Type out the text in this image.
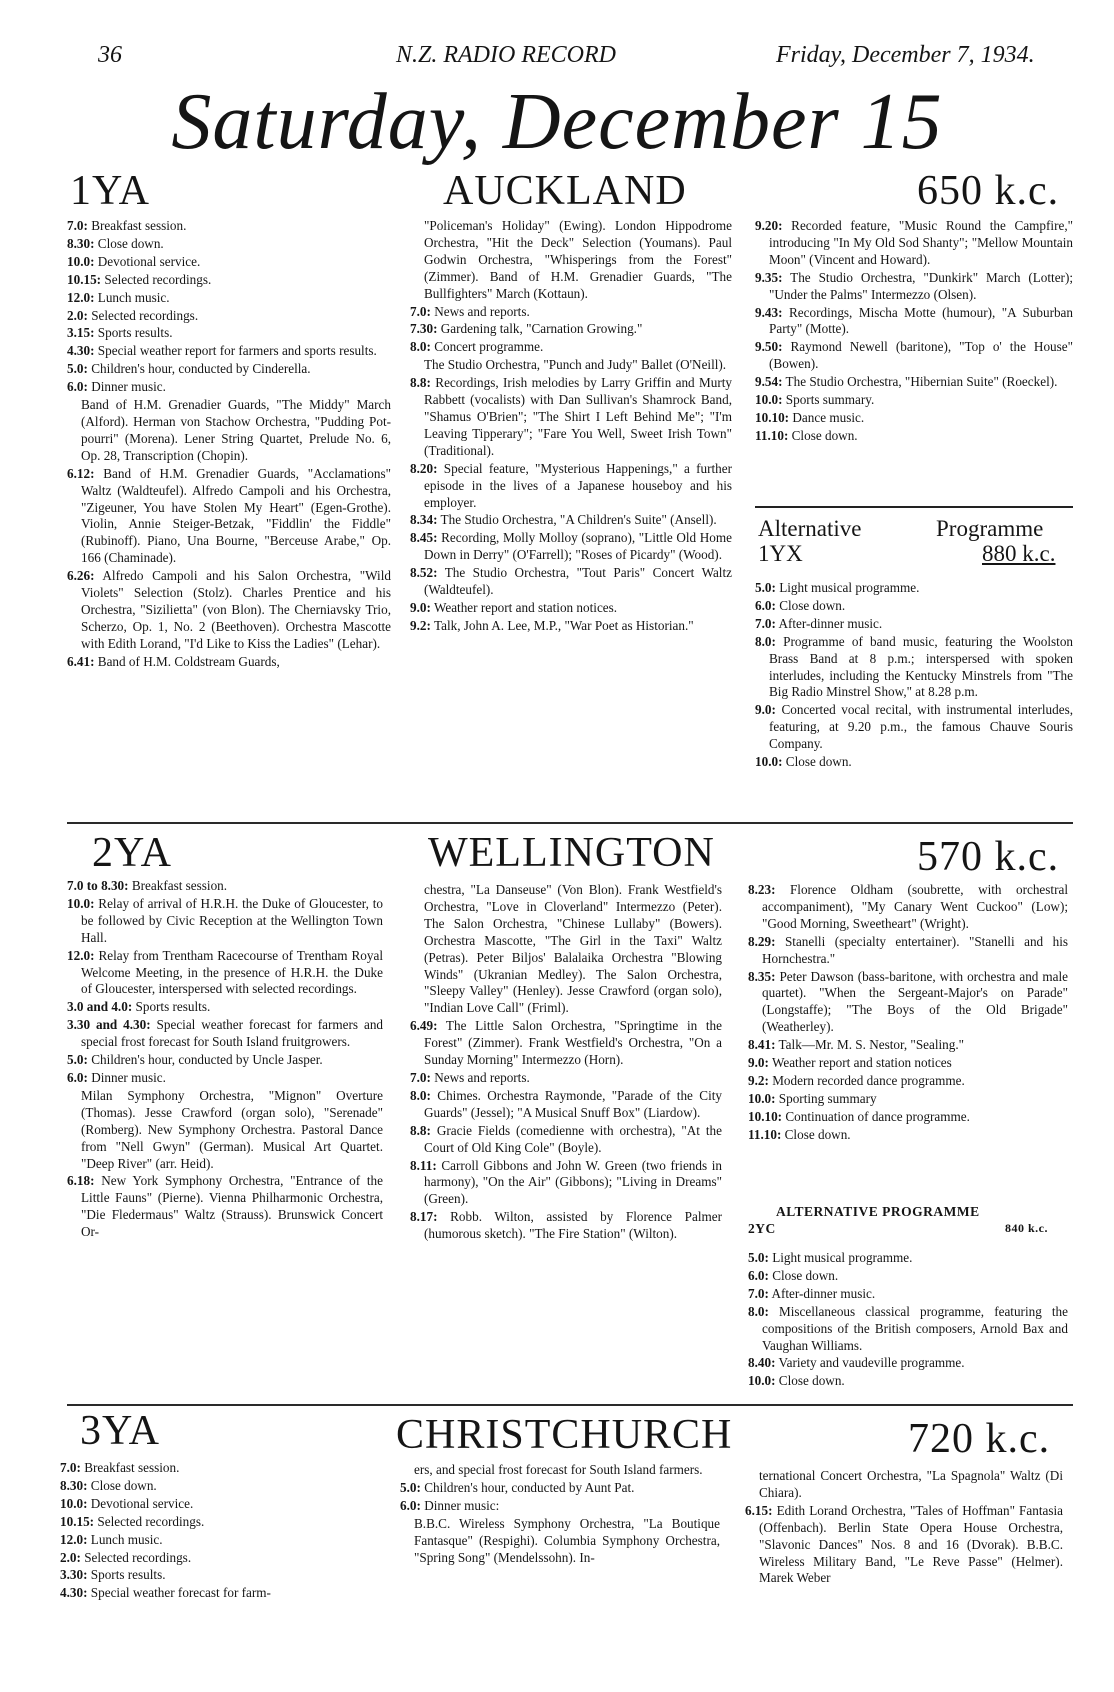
36	N.Z. RADIO RECORD	Friday, December 7, 1934.
Saturday, December 15
1YA	AUCKLAND	650 k.c.
7.0: Breakfast session.
8.30: Close down.
10.0: Devotional service.
10.15: Selected recordings.
12.0: Lunch music.
2.0: Selected recordings.
3.15: Sports results.
4.30: Special weather report for farmers and sports results.
5.0: Children's hour, conducted by Cinderella.
6.0: Dinner music.
Band of H.M. Grenadier Guards, "The Middy" March (Alford). Herman von Stachow Orchestra, "Pudding Pot-pourri" (Morena). Lener String Quartet, Prelude No. 6, Op. 28, Transcription (Chopin).
6.12: Band of H.M. Grenadier Guards, "Acclamations" Waltz (Waldteufel). Alfredo Campoli and his Orchestra, "Zigeuner, You have Stolen My Heart" (Egen-Grothe). Violin, Annie Steiger-Betzak, "Fiddlin' the Fiddle" (Rubinoff). Piano, Una Bourne, "Berceuse Arabe," Op. 166 (Chaminade).
6.26: Alfredo Campoli and his Salon Orchestra, "Wild Violets" Selection (Stolz). Charles Prentice and his Orchestra, "Sizilietta" (von Blon). The Cherniavsky Trio, Scherzo, Op. 1, No. 2 (Beethoven). Orchestra Mascotte with Edith Lorand, "I'd Like to Kiss the Ladies" (Lehar).
6.41: Band of H.M. Coldstream Guards,
"Policeman's Holiday" (Ewing). London Hippodrome Orchestra, "Hit the Deck" Selection (Youmans). Paul Godwin Orchestra, "Whisperings from the Forest" (Zimmer). Band of H.M. Grenadier Guards, "The Bullfighters" March (Kottaun).
7.0: News and reports.
7.30: Gardening talk, "Carnation Growing."
8.0: Concert programme.
The Studio Orchestra, "Punch and Judy" Ballet (O'Neill).
8.8: Recordings, Irish melodies by Larry Griffin and Murty Rabbett (vocalists) with Dan Sullivan's Shamrock Band, "Shamus O'Brien"; "The Shirt I Left Behind Me"; "I'm Leaving Tipperary"; "Fare You Well, Sweet Irish Town" (Traditional).
8.20: Special feature, "Mysterious Happenings," a further episode in the lives of a Japanese houseboy and his employer.
8.34: The Studio Orchestra, "A Children's Suite" (Ansell).
8.45: Recording, Molly Molloy (soprano), "Little Old Home Down in Derry" (O'Farrell); "Roses of Picardy" (Wood).
8.52: The Studio Orchestra, "Tout Paris" Concert Waltz (Waldteufel).
9.0: Weather report and station notices.
9.2: Talk, John A. Lee, M.P., "War Poet as Historian."
9.20: Recorded feature, "Music Round the Campfire," introducing "In My Old Sod Shanty"; "Mellow Mountain Moon" (Vincent and Howard).
9.35: The Studio Orchestra, "Dunkirk" March (Lotter); "Under the Palms" Intermezzo (Olsen).
9.43: Recordings, Mischa Motte (humour), "A Suburban Party" (Motte).
9.50: Raymond Newell (baritone), "Top o' the House" (Bowen).
9.54: The Studio Orchestra, "Hibernian Suite" (Roeckel).
10.0: Sports summary.
10.10: Dance music.
11.10: Close down.
Alternative	Programme
1YX	880 k.c.
5.0: Light musical programme.
6.0: Close down.
7.0: After-dinner music.
8.0: Programme of band music, featuring the Woolston Brass Band at 8 p.m.; interspersed with spoken interludes, including the Kentucky Minstrels from "The Big Radio Minstrel Show," at 8.28 p.m.
9.0: Concerted vocal recital, with instrumental interludes, featuring, at 9.20 p.m., the famous Chauve Souris Company.
10.0: Close down.
2YA	WELLINGTON	570 k.c.
7.0 to 8.30: Breakfast session.
10.0: Relay of arrival of H.R.H. the Duke of Gloucester, to be followed by Civic Reception at the Wellington Town Hall.
12.0: Relay from Trentham Racecourse of Trentham Royal Welcome Meeting, in the presence of H.R.H. the Duke of Gloucester, interspersed with selected recordings.
3.0 and 4.0: Sports results.
3.30 and 4.30: Special weather forecast for farmers and special frost forecast for South Island fruitgrowers.
5.0: Children's hour, conducted by Uncle Jasper.
6.0: Dinner music.
Milan Symphony Orchestra, "Mignon" Overture (Thomas). Jesse Crawford (organ solo), "Serenade" (Romberg). New Symphony Orchestra. Pastoral Dance from "Nell Gwyn" (German). Musical Art Quartet. "Deep River" (arr. Heid).
6.18: New York Symphony Orchestra, "Entrance of the Little Fauns" (Pierne). Vienna Philharmonic Orchestra, "Die Fledermaus" Waltz (Strauss). Brunswick Concert Or-
chestra, "La Danseuse" (Von Blon). Frank Westfield's Orchestra, "Love in Cloverland" Intermezzo (Peter). The Salon Orchestra, "Chinese Lullaby" (Bowers). Orchestra Mascotte, "The Girl in the Taxi" Waltz (Petras). Peter Biljos' Balalaika Orchestra "Blowing Winds" (Ukranian Medley). The Salon Orchestra, "Sleepy Valley" (Henley). Jesse Crawford (organ solo), "Indian Love Call" (Friml).
6.49: The Little Salon Orchestra, "Springtime in the Forest" (Zimmer). Frank Westfield's Orchestra, "On a Sunday Morning" Intermezzo (Horn).
7.0: News and reports.
8.0: Chimes. Orchestra Raymonde, "Parade of the City Guards" (Jessel); "A Musical Snuff Box" (Liardow).
8.8: Gracie Fields (comedienne with orchestra), "At the Court of Old King Cole" (Boyle).
8.11: Carroll Gibbons and John W. Green (two friends in harmony), "On the Air" (Gibbons); "Living in Dreams" (Green).
8.17: Robb. Wilton, assisted by Florence Palmer (humorous sketch). "The Fire Station" (Wilton).
8.23: Florence Oldham (soubrette, with orchestral accompaniment), "My Canary Went Cuckoo" (Low); "Good Morning, Sweetheart" (Wright).
8.29: Stanelli (specialty entertainer). "Stanelli and his Hornchestra."
8.35: Peter Dawson (bass-baritone, with orchestra and male quartet). "When the Sergeant-Major's on Parade" (Longstaffe); "The Boys of the Old Brigade" (Weatherley).
8.41: Talk—Mr. M. S. Nestor, "Sealing."
9.0: Weather report and station notices
9.2: Modern recorded dance programme.
10.0: Sporting summary
10.10: Continuation of dance programme.
11.10: Close down.
ALTERNATIVE PROGRAMME
2YC	840 k.c.
5.0: Light musical programme.
6.0: Close down.
7.0: After-dinner music.
8.0: Miscellaneous classical programme, featuring the compositions of the British composers, Arnold Bax and Vaughan Williams.
8.40: Variety and vaudeville programme.
10.0: Close down.
3YA	CHRISTCHURCH	720 k.c.
7.0: Breakfast session.
8.30: Close down.
10.0: Devotional service.
10.15: Selected recordings.
12.0: Lunch music.
2.0: Selected recordings.
3.30: Sports results.
4.30: Special weather forecast for farm-
ers, and special frost forecast for South Island farmers.
5.0: Children's hour, conducted by Aunt Pat.
6.0: Dinner music:
B.B.C. Wireless Symphony Orchestra, "La Boutique Fantasque" (Respighi). Columbia Symphony Orchestra, "Spring Song" (Mendelssohn). In-
ternational Concert Orchestra, "La Spagnola" Waltz (Di Chiara).
6.15: Edith Lorand Orchestra, "Tales of Hoffman" Fantasia (Offenbach). Berlin State Opera House Orchestra, "Slavonic Dances" Nos. 8 and 16 (Dvorak). B.B.C. Wireless Military Band, "Le Reve Passe" (Helmer). Marek Weber
